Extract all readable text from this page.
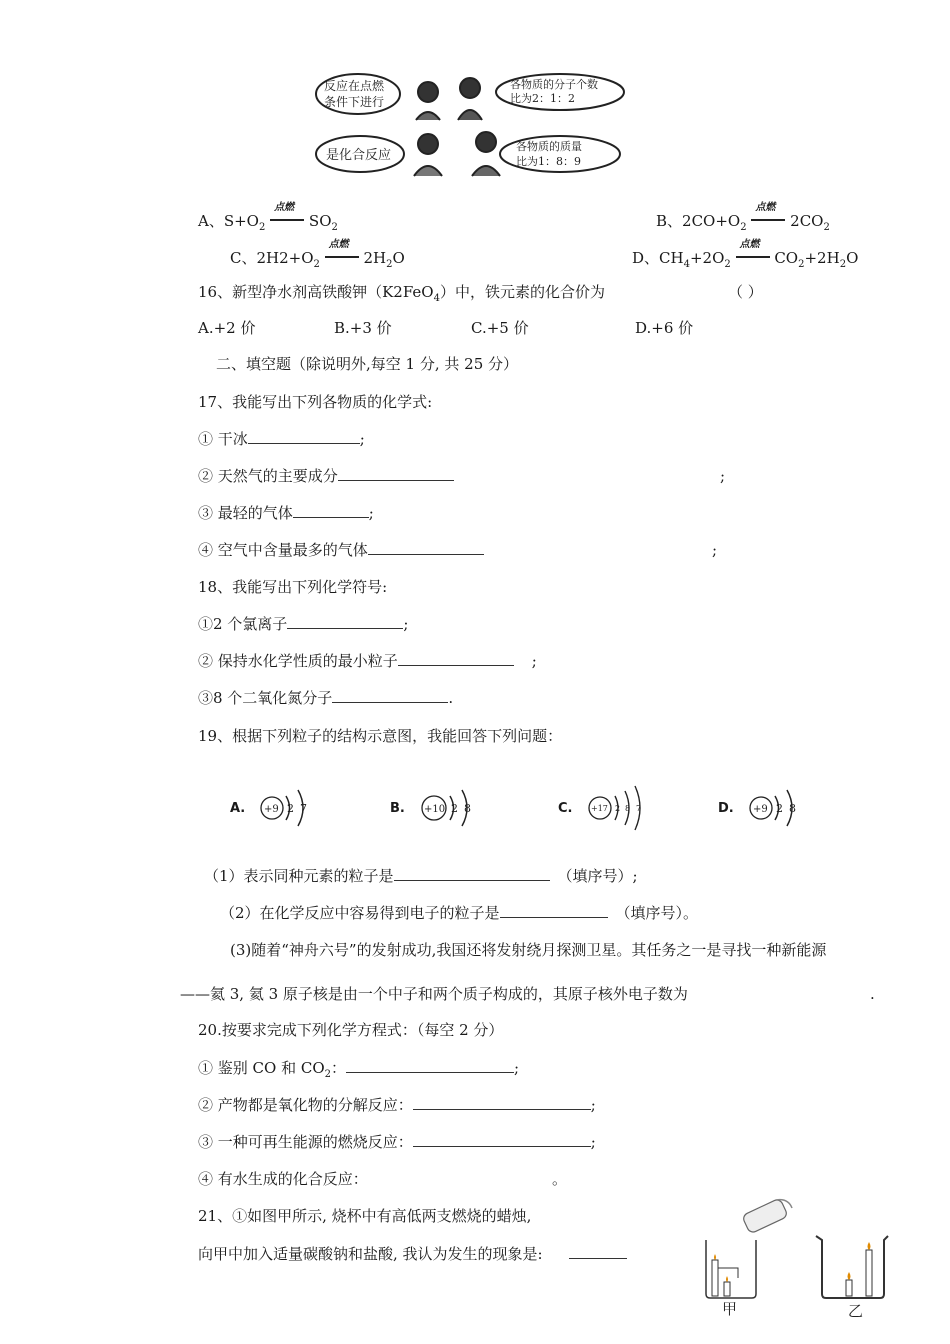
反应在点燃
条件下进行
各物质的分子个数
比为2：1：2
是化合反应
各物质的质量
比为1：8：9
A、$S+O_2$
点燃
$SO_2$	B、$2CO+O_2$
点燃
$2CO_2$
C、$2H2+O_2$
点燃
$2H_2O$	D、$CH_4+2O_2$
点燃
$CO_2+2H_2O$
16、新型净水剂高铁酸钾（K2FeO$_4$）中，铁元素的化合价为	（ ）
A.+2 价	B.+3 价	C.+5 价	D.+6 价
二、填空题（除说明外,每空 1 分, 共 25 分）
17、我能写出下列各物质的化学式:
① 干冰	;
② 天然气的主要成分	;
③ 最轻的气体	;
④ 空气中含量最多的气体	;
18、我能写出下列化学符号:
①2 个氯离子	;
② 保持水化学性质的最小粒子	;
③8 个二氧化氮分子	.
19、根据下列粒子的结构示意图，我能回答下列问题：
A. +9 2 7	B. +10 2 8	C. +17 2 8 7	D. +9 2 8
（1）表示同种元素的粒子是	（填序号）;
（2）在化学反应中容易得到电子的粒子是	（填序号）。
(3)随着“神舟六号”的发射成功,我国还将发射绕月探测卫星。其任务之一是寻找一种新能源
——氦 3, 氦 3 原子核是由一个中子和两个质子构成的，其原子核外电子数为	.
20.按要求完成下列化学方程式：（每空 2 分）
① 鉴别 CO 和 $CO_2$：	;
② 产物都是氧化物的分解反应：	;
③ 一种可再生能源的燃烧反应：	;
④ 有水生成的化合反应：	。
21、①如图甲所示, 烧杯中有高低两支燃烧的蜡烛,
向甲中加入适量碳酸钠和盐酸, 我认为发生的现象是:
甲	乙
